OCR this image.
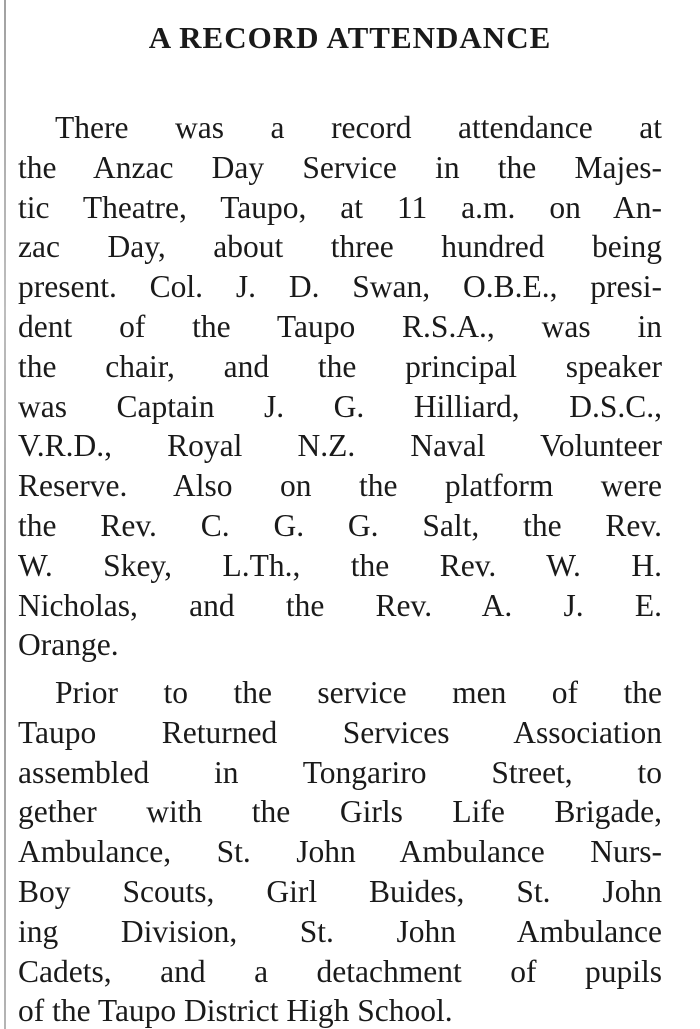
A RECORD ATTENDANCE
There was a record attendance at
the Anzac Day Service in the Majes-
tic Theatre, Taupo, at 11 a.m. on An-
zac Day, about three hundred being
present. Col. J. D. Swan, O.B.E., presi-
dent of the Taupo R.S.A., was in
the chair, and the principal speaker
was Captain J. G. Hilliard, D.S.C.,
V.R.D., Royal N.Z. Naval Volunteer
Reserve. Also on the platform were
the Rev. C. G. G. Salt, the Rev.
W. Skey, L.Th., the Rev. W. H.
Nicholas, and the Rev. A. J. E.
Orange.
Prior to the service men of the
Taupo Returned Services Association
assembled in Tongariro Street, to
gether with the Girls Life Brigade,
Ambulance, St. John Ambulance Nurs-
Boy Scouts, Girl Buides, St. John
ing Division, St. John Ambulance
Cadets, and a detachment of pupils
of the Taupo District High School.
